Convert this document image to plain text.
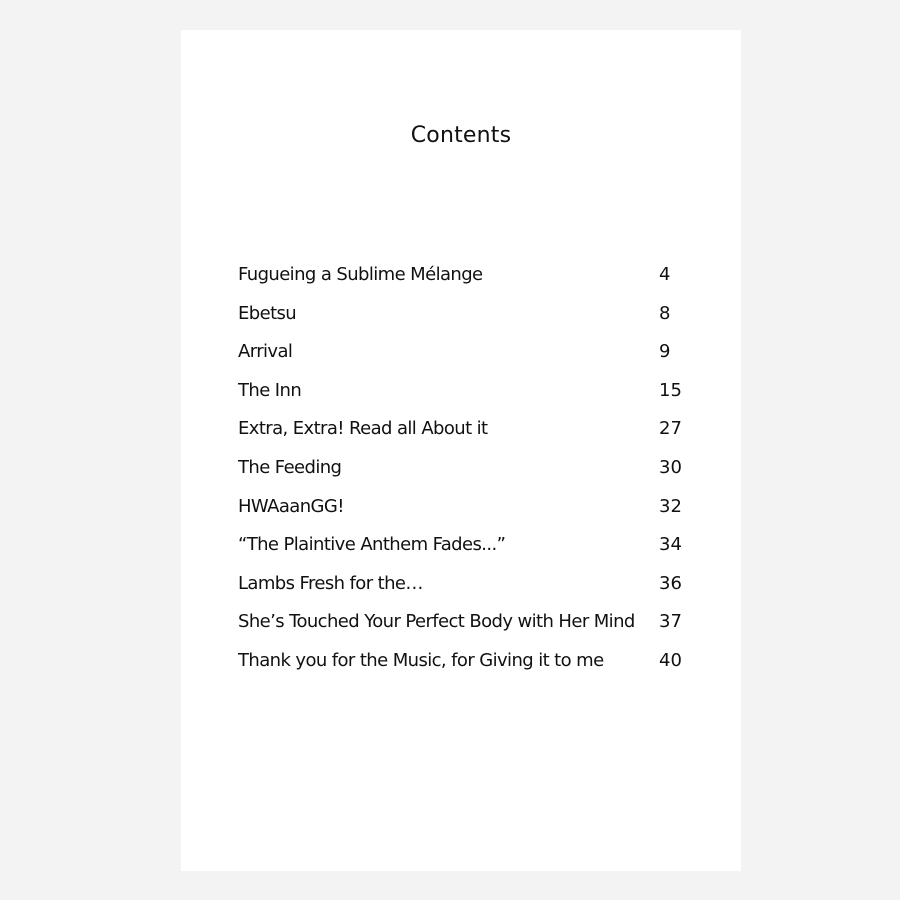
Contents
Fugueing a Sublime Mélange	4
Ebetsu	8
Arrival	9
The Inn	15
Extra, Extra! Read all About it	27
The Feeding	30
HWAaanGG!	32
“The Plaintive Anthem Fades...”	34
Lambs Fresh for the…	36
She’s Touched Your Perfect Body with Her Mind 37
Thank you for the Music, for Giving it to me	40
